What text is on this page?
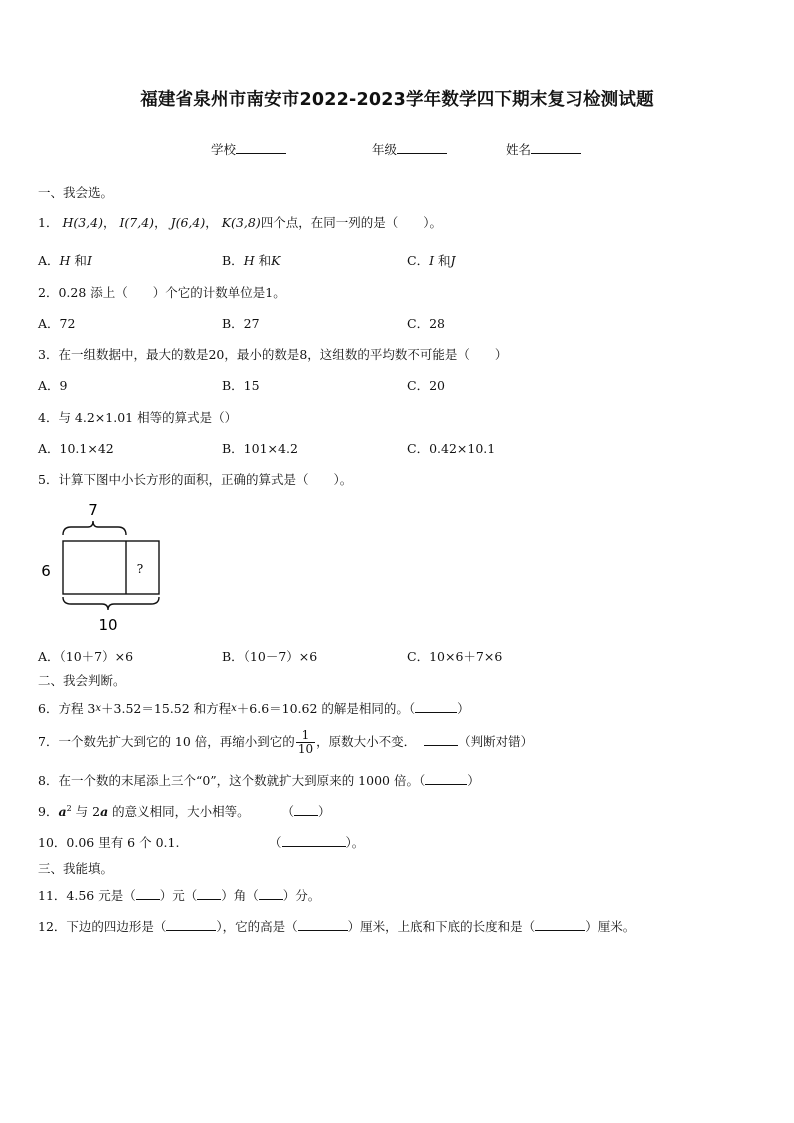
福建省泉州市南安市2022-2023学年数学四下期末复习检测试题
学校	年级	姓名
一、我会选。
1． H(3,4)， I(7,4)， J(6,4)， K(3,8)四个点，在同一列的是（　　）。
A．H 和I	B．H 和K	C．I 和J
2．0.28 添上（　　）个它的计数单位是1。
A．72	B．27	C．28
3．在一组数据中，最大的数是20，最小的数是8，这组数的平均数不可能是（　　）
A．9	B．15	C．20
4．与 4.2×1.01 相等的算式是（）
A．10.1×42	B．101×4.2	C．0.42×10.1
5．计算下图中小长方形的面积，正确的算式是（　　）。
7
?
6
10
A．（10＋7）×6	B．（10－7）×6	C．10×6＋7×6
二、我会判断。
6．方程 3x＋3.52＝15.52 和方程x＋6.6＝10.62 的解是相同的。（	）
7．一个数先扩大到它的 10 倍，再缩小到它的 $\frac{1}{10}$ ，原数大小不变．	（判断对错）
8．在一个数的末尾添上三个“0”，这个数就扩大到原来的 1000 倍。（	）
9．$a^2$ 与 2a 的意义相同，大小相等。	（ ）
10．0.06 里有 6 个 0.1.	（	）。
三、我能填。
11．4.56 元是（ ）元（ ）角（ ）分。
12．下边的四边形是（	），它的高是（	）厘米，上底和下底的长度和是（	）厘米。
